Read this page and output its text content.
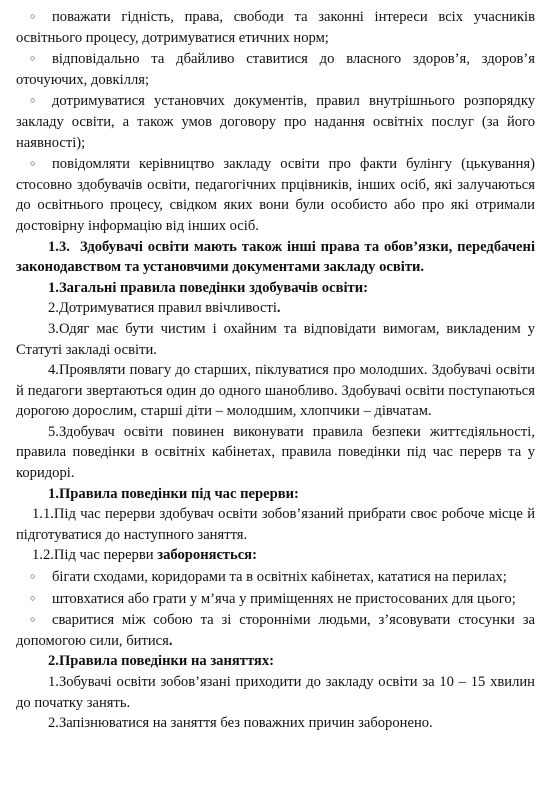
○ поважати гідність, права, свободи та законні інтереси всіх учасників освітнього процесу, дотримуватися етичних норм;

○ відповідально та дбайливо ставитися до власного здоров’я, здоров’я оточуючих, довкілля;

○ дотримуватися установчих документів, правил внутрішнього розпорядку закладу освіти, а також умов договору про надання освітніх послуг (за його наявності);

○ повідомляти керівництво закладу освіти про факти булінгу (цькування) стосовно здобувачів освіти, педагогічних прцівників, інших осіб, які залучаються до освітнього процесу, свідком яких вони були особисто або про які отримали достовірну інформацію від інших осіб.

1.3. Здобувачі освіти мають також інші права та обов’язки, передбачені законодавством та установчими документами закладу освіти.

1.Загальні правила поведінки здобувачів освіти:

2.Дотримуватися правил ввічливості.

3.Одяг має бути чистим і охайним та відповідати вимогам, викладеним у Статуті закладі освіти.

4.Проявляти повагу до старших, піклуватися про молодших. Здобувачі освіти й педагоги звертаються один до одного шанобливо. Здобувачі освіти поступаються дорогою дорослим, старші діти – молодшим, хлопчики – дівчатам.

5.Здобувач освіти повинен виконувати правила безпеки життєдіяльності, правила поведінки в освітніх кабінетах, правила поведінки під час перерв та у коридорі.

1.Правила поведінки під час перерви:

1.1.Під час перерви здобувач освіти зобов’язаний прибрати своє робоче місце й підготуватися до наступного заняття.

1.2.Під час перерви забороняється:

○ бігати сходами, коридорами та в освітніх кабінетах, кататися на перилах;

○ штовхатися або грати у м’яча у приміщеннях не пристосованих для цього;

○ сваритися між собою та зі сторонніми людьми, з’ясовувати стосунки за допомогою сили, битися.

2.Правила поведінки на заняттях:

1.Зобувачі освіти зобов’язані приходити до закладу освіти за 10 – 15 хвилин до початку занять.

2.Запізнюватися на заняття без поважних причин заборонено.
